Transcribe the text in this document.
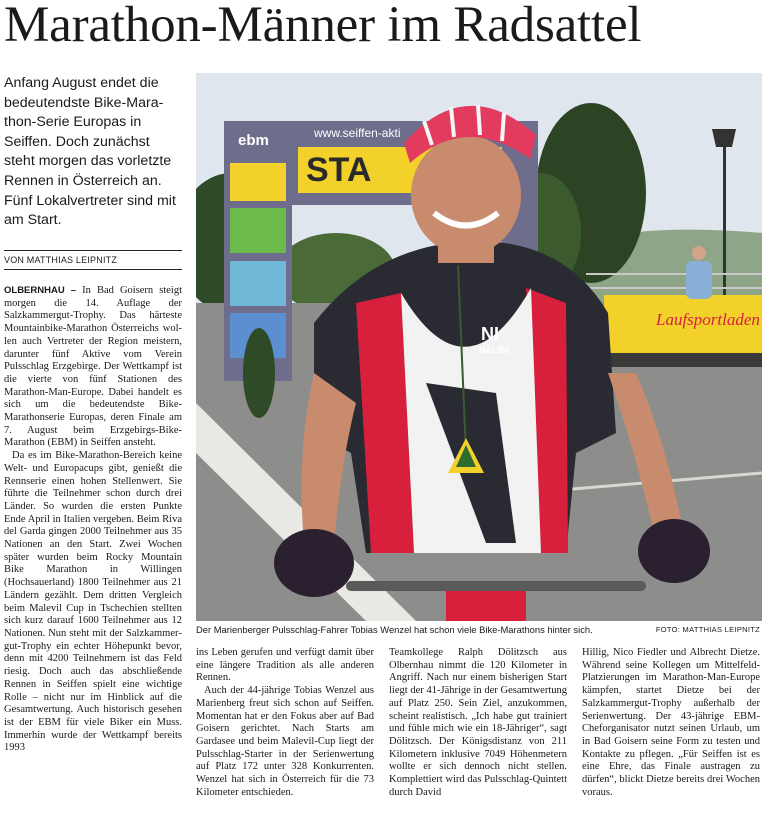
Marathon-Männer im Radsattel
Anfang August endet die bedeutendste Bike-Marathon-Serie Europas in Seiffen. Doch zunächst steht morgen das vorletzte Rennen in Österreich an. Fünf Lokalvertreter sind mit am Start.
VON MATTHIAS LEIPNITZ

OLBERNHAU – In Bad Goisern steigt morgen die 14. Auflage der Salzkammergut-Trophy. Das härteste Mountainbike-Marathon Österreichs wollen auch Vertreter der Region meistern, darunter fünf Aktive vom Verein Pulsschlag Erzgebirge. Der Wettkampf ist die vierte von fünf Stationen des Marathon-Man-Europe. Dabei handelt es sich um die bedeutendste Bike-Marathonserie Europas, deren Finale am 7. August beim Erzgebirgs-Bike-Marathon (EBM) in Seiffen ansteht.

Da es im Bike-Marathon-Bereich keine Welt- und Europacups gibt, genießt die Rennserie einen hohen Stellenwert. Sie führte die Teilnehmer schon durch drei Länder. So wurden die ersten Punkte Ende April in Italien vergeben. Beim Riva del Garda gingen 2000 Teilnehmer aus 35 Nationen an den Start. Zwei Wochen später wurden beim Rocky Mountain Bike Marathon in Willingen (Hochsauerland) 1800 Teilnehmer aus 21 Ländern gezählt. Dem dritten Vergleich beim Malevil Cup in Tschechien stellten sich kurz darauf 1600 Teilnehmer aus 12 Nationen. Nun steht mit der Salzkammergut-Trophy ein echter Höhepunkt bevor, denn mit 4200 Teilnehmern ist das Feld riesig. Doch auch das abschließende Rennen in Seiffen spielt eine wichtige Rolle – nicht nur im Hinblick auf die Gesamtwertung. Auch historisch gesehen ist der EBM für viele Biker ein Muss. Immerhin wurde der Wettkampf bereits 1993

ins Leben gerufen und verfügt damit über eine längere Tradition als alle anderen Rennen.

Auch der 44-jährige Tobias Wenzel aus Marienberg freut sich schon auf Seiffen. Momentan hat er den Fokus aber auf Bad Goisern gerichtet. Nach Starts am Gardasee und beim Malevil-Cup liegt der Pulsschlag-Starter in der Serienwertung auf Platz 172 unter 328 Konkurrenten. Wenzel hat sich in Österreich für die 73 Kilometer entschieden.

Teamkollege Ralph Dölitzsch aus Olbernhau nimmt die 120 Kilometer in Angriff. Nach nur einem bisherigen Start liegt der 41-Jährige in der Gesamtwertung auf Platz 250. Sein Ziel, anzukommen, scheint realistisch. „Ich habe gut trainiert und fühle mich wie ein 18-Jähriger“, sagt Dölitzsch. Der Königsdistanz von 211 Kilometern inklusive 7049 Höhenmetern wollte er sich dennoch nicht stellen. Komplettiert wird das Pulsschlag-Quintett durch David

Hillig, Nico Fiedler und Albrecht Dietze. Während seine Kollegen um Mittelfeld-Platzierungen im Marathon-Man-Europe kämpfen, startet Dietze bei der Salzkammergut-Trophy außerhalb der Serienwertung. Der 43-jährige EBM-Cheforganisator nutzt seinen Urlaub, um in Bad Goisern seine Form zu testen und Kontakte zu pflegen. „Für Seiffen ist es eine Ehre, das Finale austragen zu dürfen“, blickt Dietze bereits drei Wochen voraus.

ebm	www.seiffen-akti
STA
Laufsportladen
NI
NALINI
Der Marienberger Pulsschlag-Fahrer Tobias Wenzel hat schon viele Bike-Marathons hinter sich.	FOTO: MATTHIAS LEIPNITZ
